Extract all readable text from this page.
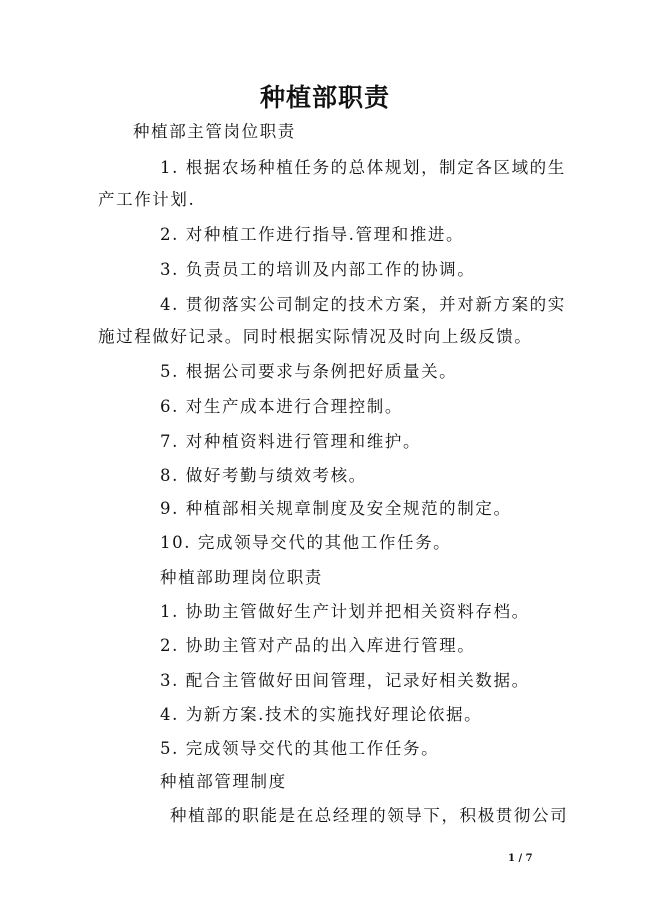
种植部职责
种植部主管岗位职责
1. 根据农场种植任务的总体规划，制定各区域的生
产工作计划.
2. 对种植工作进行指导.管理和推进。
3. 负责员工的培训及内部工作的协调。
4. 贯彻落实公司制定的技术方案，并对新方案的实
施过程做好记录。同时根据实际情况及时向上级反馈。
5. 根据公司要求与条例把好质量关。
6. 对生产成本进行合理控制。
7. 对种植资料进行管理和维护。
8. 做好考勤与绩效考核。
9. 种植部相关规章制度及安全规范的制定。
10. 完成领导交代的其他工作任务。
种植部助理岗位职责
1. 协助主管做好生产计划并把相关资料存档。
2. 协助主管对产品的出入库进行管理。
3. 配合主管做好田间管理，记录好相关数据。
4. 为新方案.技术的实施找好理论依据。
5. 完成领导交代的其他工作任务。
种植部管理制度
种植部的职能是在总经理的领导下，积极贯彻公司
1 / 7
